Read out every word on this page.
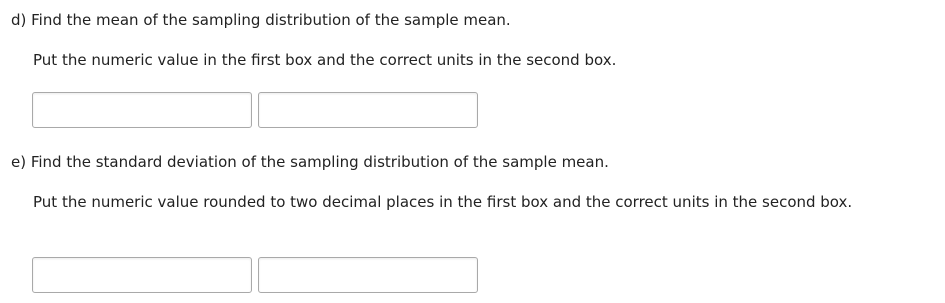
d) Find the mean of the sampling distribution of the sample mean.
Put the numeric value in the first box and the correct units in the second box.
e) Find the standard deviation of the sampling distribution of the sample mean.
Put the numeric value rounded to two decimal places in the first box and the correct units in the second box.
